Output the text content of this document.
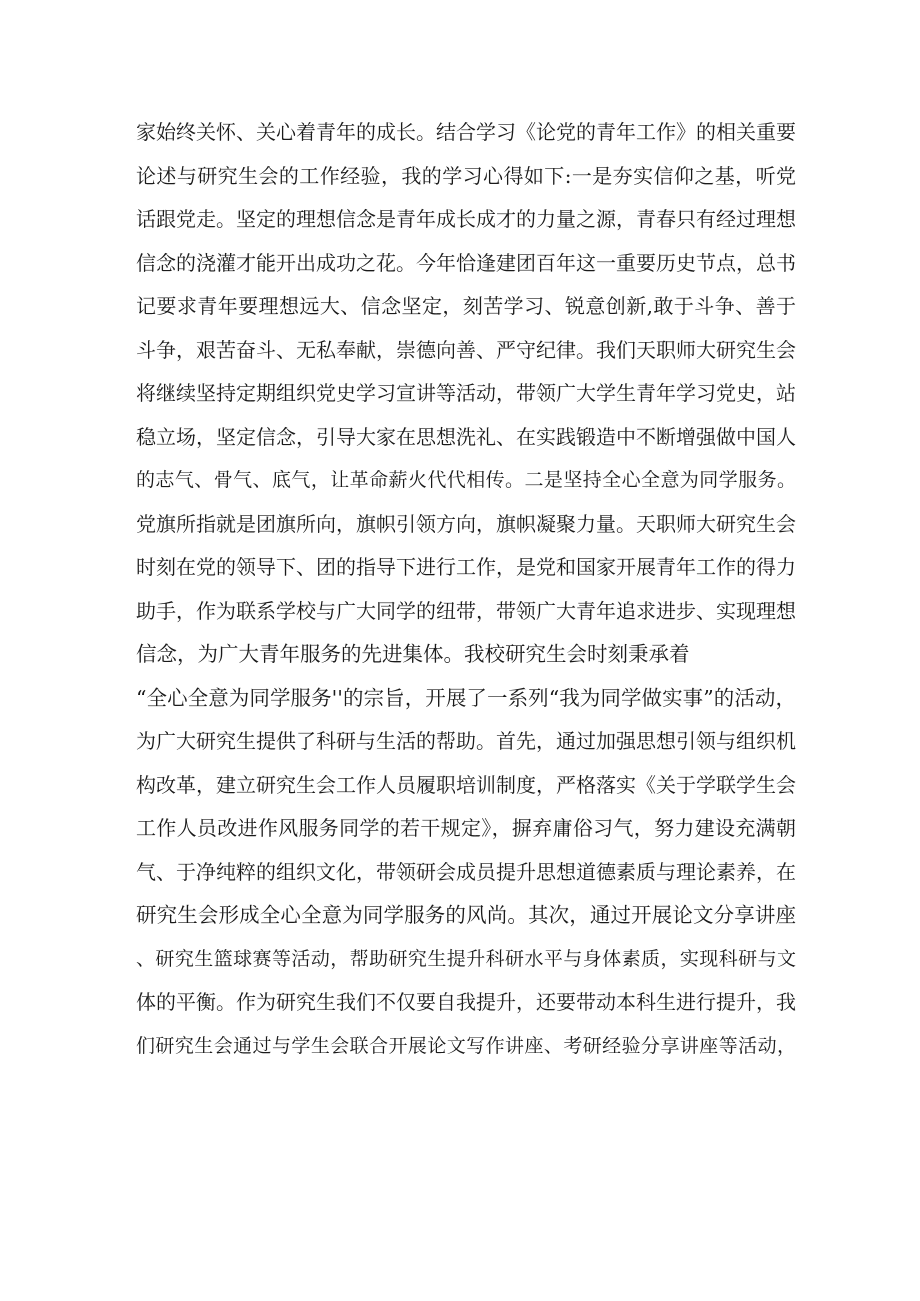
家始终关怀、关心着青年的成长。结合学习《论党的青年工作》的相关重要
论述与研究生会的工作经验，我的学习心得如下:一是夯实信仰之基，听党
话跟党走。坚定的理想信念是青年成长成才的力量之源，青春只有经过理想
信念的浇灌才能开出成功之花。今年恰逢建团百年这一重要历史节点，总书
记要求青年要理想远大、信念坚定，刻苦学习、锐意创新,敢于斗争、善于
斗争，艰苦奋斗、无私奉献，崇德向善、严守纪律。我们天职师大研究生会
将继续坚持定期组织党史学习宣讲等活动，带领广大学生青年学习党史，站
稳立场，坚定信念，引导大家在思想洗礼、在实践锻造中不断增强做中国人
的志气、骨气、底气，让革命薪火代代相传。二是坚持全心全意为同学服务。
党旗所指就是团旗所向，旗帜引领方向，旗帜凝聚力量。天职师大研究生会
时刻在党的领导下、团的指导下进行工作，是党和国家开展青年工作的得力
助手，作为联系学校与广大同学的纽带，带领广大青年追求进步、实现理想
信念，为广大青年服务的先进集体。我校研究生会时刻秉承着
“全心全意为同学服务''的宗旨，开展了一系列“我为同学做实事”的活动，
为广大研究生提供了科研与生活的帮助。首先，通过加强思想引领与组织机
构改革，建立研究生会工作人员履职培训制度，严格落实《关于学联学生会
工作人员改进作风服务同学的若干规定》，摒弃庸俗习气，努力建设充满朝
气、于净纯粹的组织文化，带领研会成员提升思想道德素质与理论素养，在
研究生会形成全心全意为同学服务的风尚。其次，通过开展论文分享讲座
、研究生篮球赛等活动，帮助研究生提升科研水平与身体素质，实现科研与文
体的平衡。作为研究生我们不仅要自我提升，还要带动本科生进行提升，我
们研究生会通过与学生会联合开展论文写作讲座、考研经验分享讲座等活动，
